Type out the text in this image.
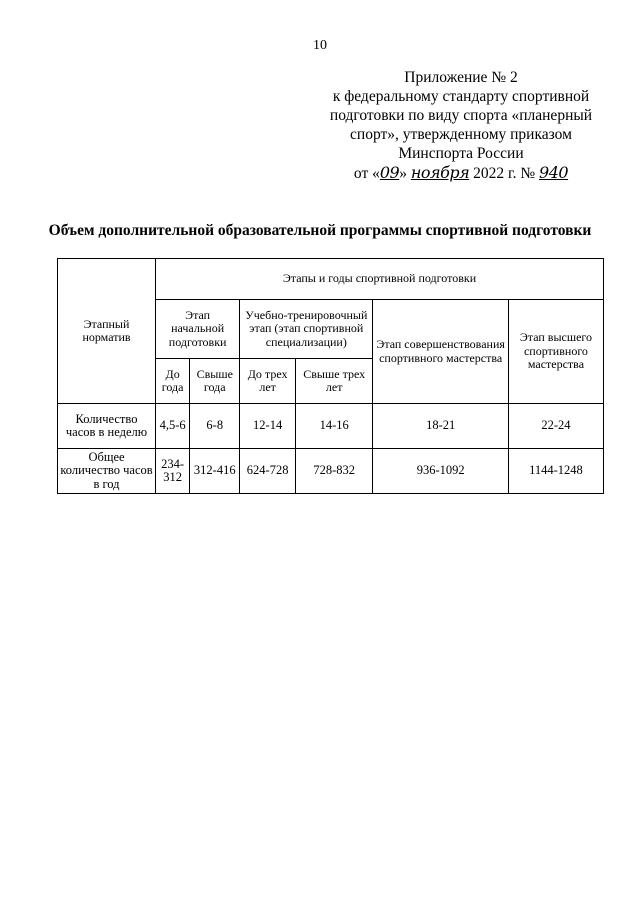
10
Приложение № 2
к федеральному стандарту спортивной
подготовки по виду спорта «планерный
спорт», утвержденному приказом
Минспорта России
от «09» ноября 2022 г. № 940
Объем дополнительной образовательной программы спортивной подготовки
Этапный норматив	Этапы и годы спортивной подготовки					
	Этап начальной подготовки		Учебно-тренировочный этап (этап спортивной специализации)		Этап совершенствования спортивного мастерства	Этап высшего спортивного мастерства
	До года	Свыше года	До трех лет	Свыше трех лет		
Количество часов в неделю	4,5-6	6-8	12-14	14-16	18-21	22-24
Общее количество часов в год	234-312	312-416	624-728	728-832	936-1092	1144-1248
